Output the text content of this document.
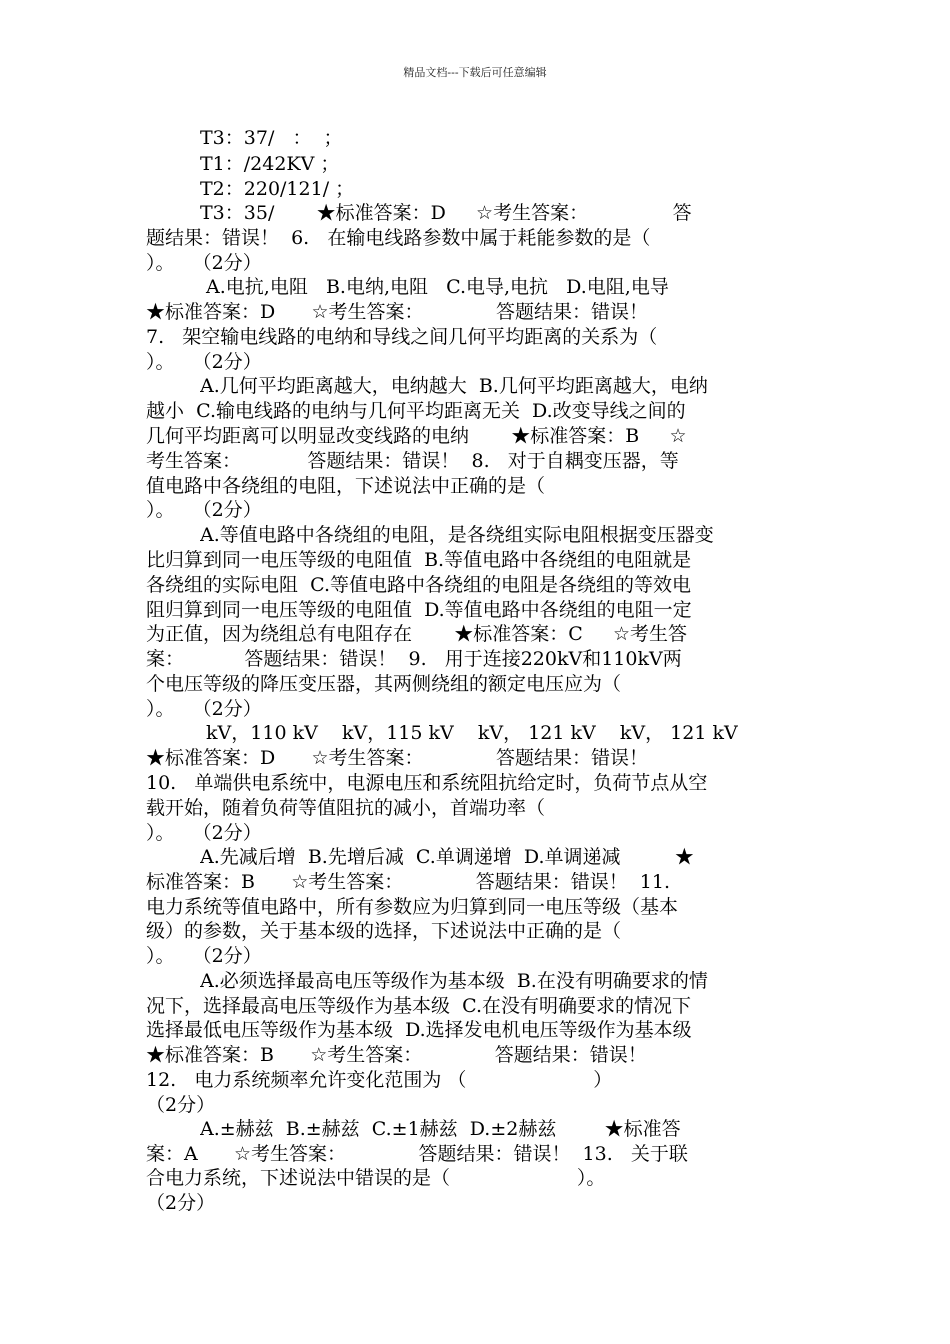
精品文档---下载后可任意编辑
T3：37/   ：  ；
T1：/242KV ；
T2：220/121/ ；
T3：35/       ★标准答案：D     ☆考生答案：              答
题结果：错误！  6.   在输电线路参数中属于耗能参数的是（
）。   （2分）
A.电抗,电阻   B.电纳,电阻   C.电导,电抗   D.电阻,电导
★标准答案：D      ☆考生答案：            答题结果：错误！
7.   架空输电线路的电纳和导线之间几何平均距离的关系为（
）。   （2分）
A.几何平均距离越大，电纳越大  B.几何平均距离越大，电纳
越小  C.输电线路的电纳与几何平均距离无关  D.改变导线之间的
几何平均距离可以明显改变线路的电纳       ★标准答案：B     ☆
考生答案：           答题结果：错误！  8.   对于自耦变压器，等
值电路中各绕组的电阻，下述说法中正确的是（
）。   （2分）
A.等值电路中各绕组的电阻，是各绕组实际电阻根据变压器变
比归算到同一电压等级的电阻值  B.等值电路中各绕组的电阻就是
各绕组的实际电阻  C.等值电路中各绕组的电阻是各绕组的等效电
阻归算到同一电压等级的电阻值  D.等值电路中各绕组的电阻一定
为正值，因为绕组总有电阻存在       ★标准答案：C     ☆考生答
案：          答题结果：错误！  9.   用于连接220kV和110kV两
个电压等级的降压变压器，其两侧绕组的额定电压应为（
）。   （2分）
kV，110 kV    kV，115 kV    kV， 121 kV    kV， 121 kV
★标准答案：D      ☆考生答案：            答题结果：错误！
10.   单端供电系统中，电源电压和系统阻抗给定时，负荷节点从空
载开始，随着负荷等值阻抗的减小，首端功率（
）。   （2分）
A.先减后增  B.先增后减  C.单调递增  D.单调递减         ★
标准答案：B      ☆考生答案：            答题结果：错误！  11.
电力系统等值电路中，所有参数应为归算到同一电压等级（基本
级）的参数，关于基本级的选择，下述说法中正确的是（
）。   （2分）
A.必须选择最高电压等级作为基本级  B.在没有明确要求的情
况下，选择最高电压等级作为基本级  C.在没有明确要求的情况下
选择最低电压等级作为基本级  D.选择发电机电压等级作为基本级
★标准答案：B      ☆考生答案：            答题结果：错误！
12.   电力系统频率允许变化范围为 （                     ）
（2分）
A.±赫兹  B.±赫兹  C.±1赫兹  D.±2赫兹        ★标准答
案：A      ☆考生答案：            答题结果：错误！  13.   关于联
合电力系统，下述说法中错误的是（                     ）。
（2分）
